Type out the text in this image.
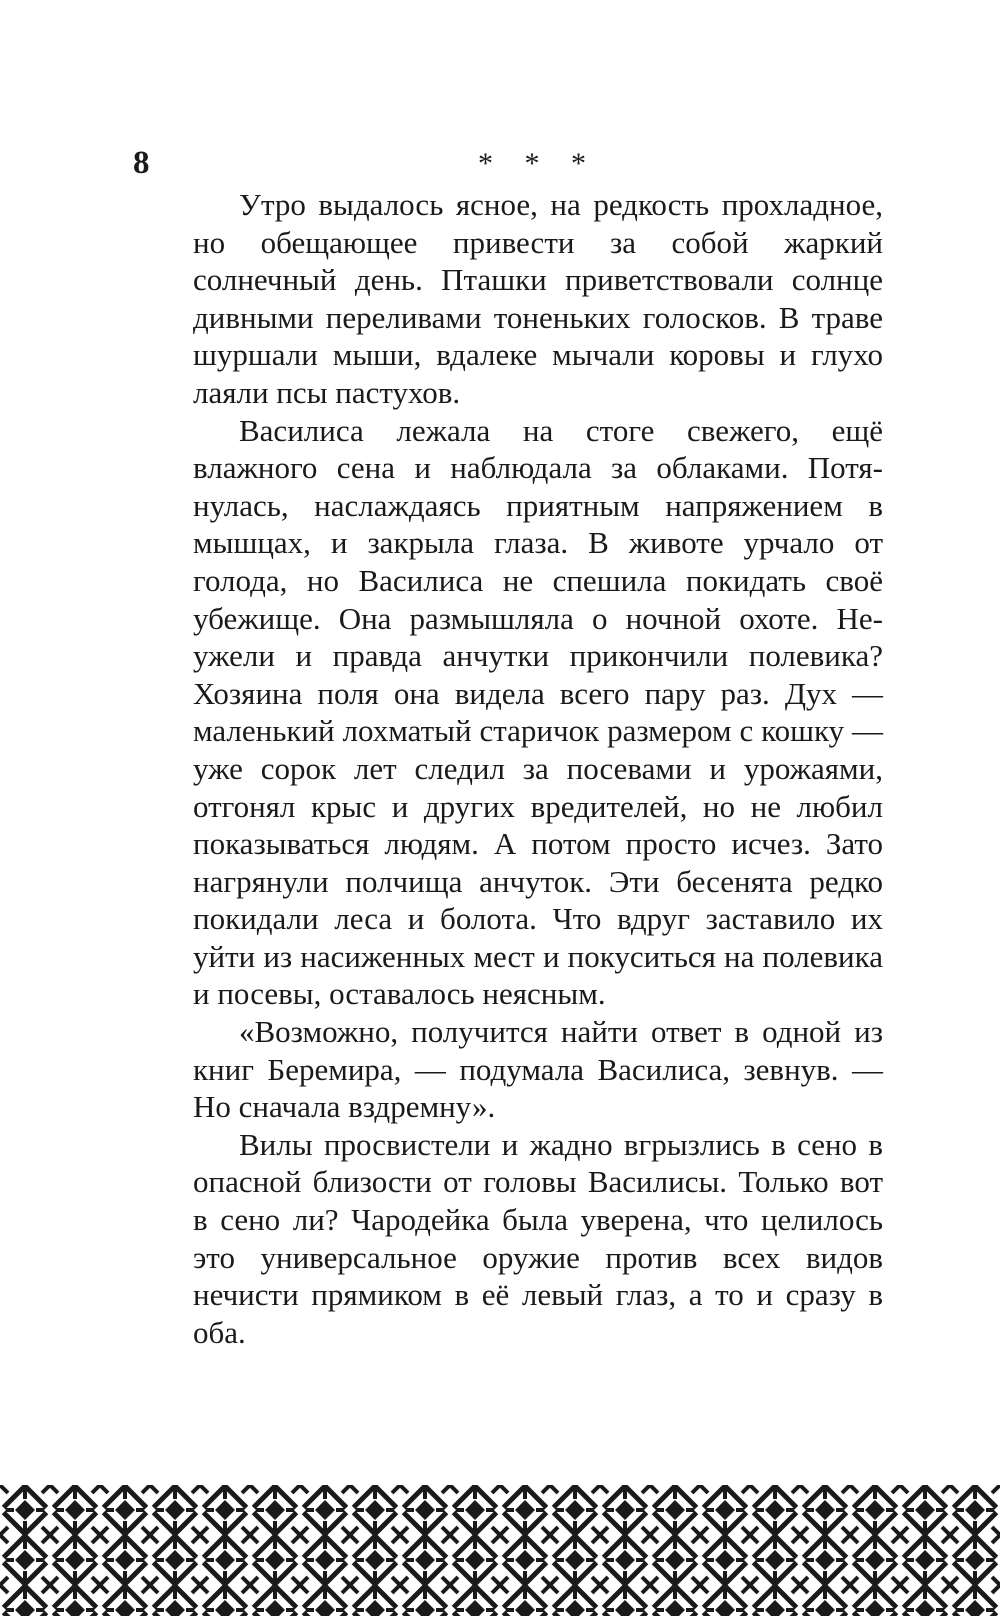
8	* * *

Утро выдалось ясное, на редкость прохладное, но обещающее привести за собой жаркий солнечный день. Пташки приветствовали солнце дивными переливами тоненьких голосков. В траве шуршали мыши, вдалеке мычали коровы и глухо лаяли псы пастухов.

Василиса лежала на стоге свежего, ещё влажного сена и наблюдала за облаками. Потянулась, наслаждаясь приятным напряжением в мышцах, и закрыла глаза. В животе урчало от голода, но Василиса не спешила покидать своё убежище. Она размышляла о ночной охоте. Неужели и правда анчутки прикончили полевика? Хозяина поля она видела всего пару раз. Дух — маленький лохматый старичок размером с кошку — уже сорок лет следил за посевами и урожаями, отгонял крыс и других вредителей, но не любил показываться людям. А потом просто исчез. Зато нагрянули полчища анчуток. Эти бесенята редко покидали леса и болота. Что вдруг заставило их уйти из насиженных мест и покуситься на полевика и посевы, оставалось неясным.

«Возможно, получится найти ответ в одной из книг Беремира, — подумала Василиса, зевнув. — Но сначала вздремну».

Вилы просвистели и жадно вгрызлись в сено в опасной близости от головы Василисы. Только вот в сено ли? Чародейка была уверена, что целилось это универсальное оружие против всех видов нечисти прямиком в её левый глаз, а то и сразу в оба.
